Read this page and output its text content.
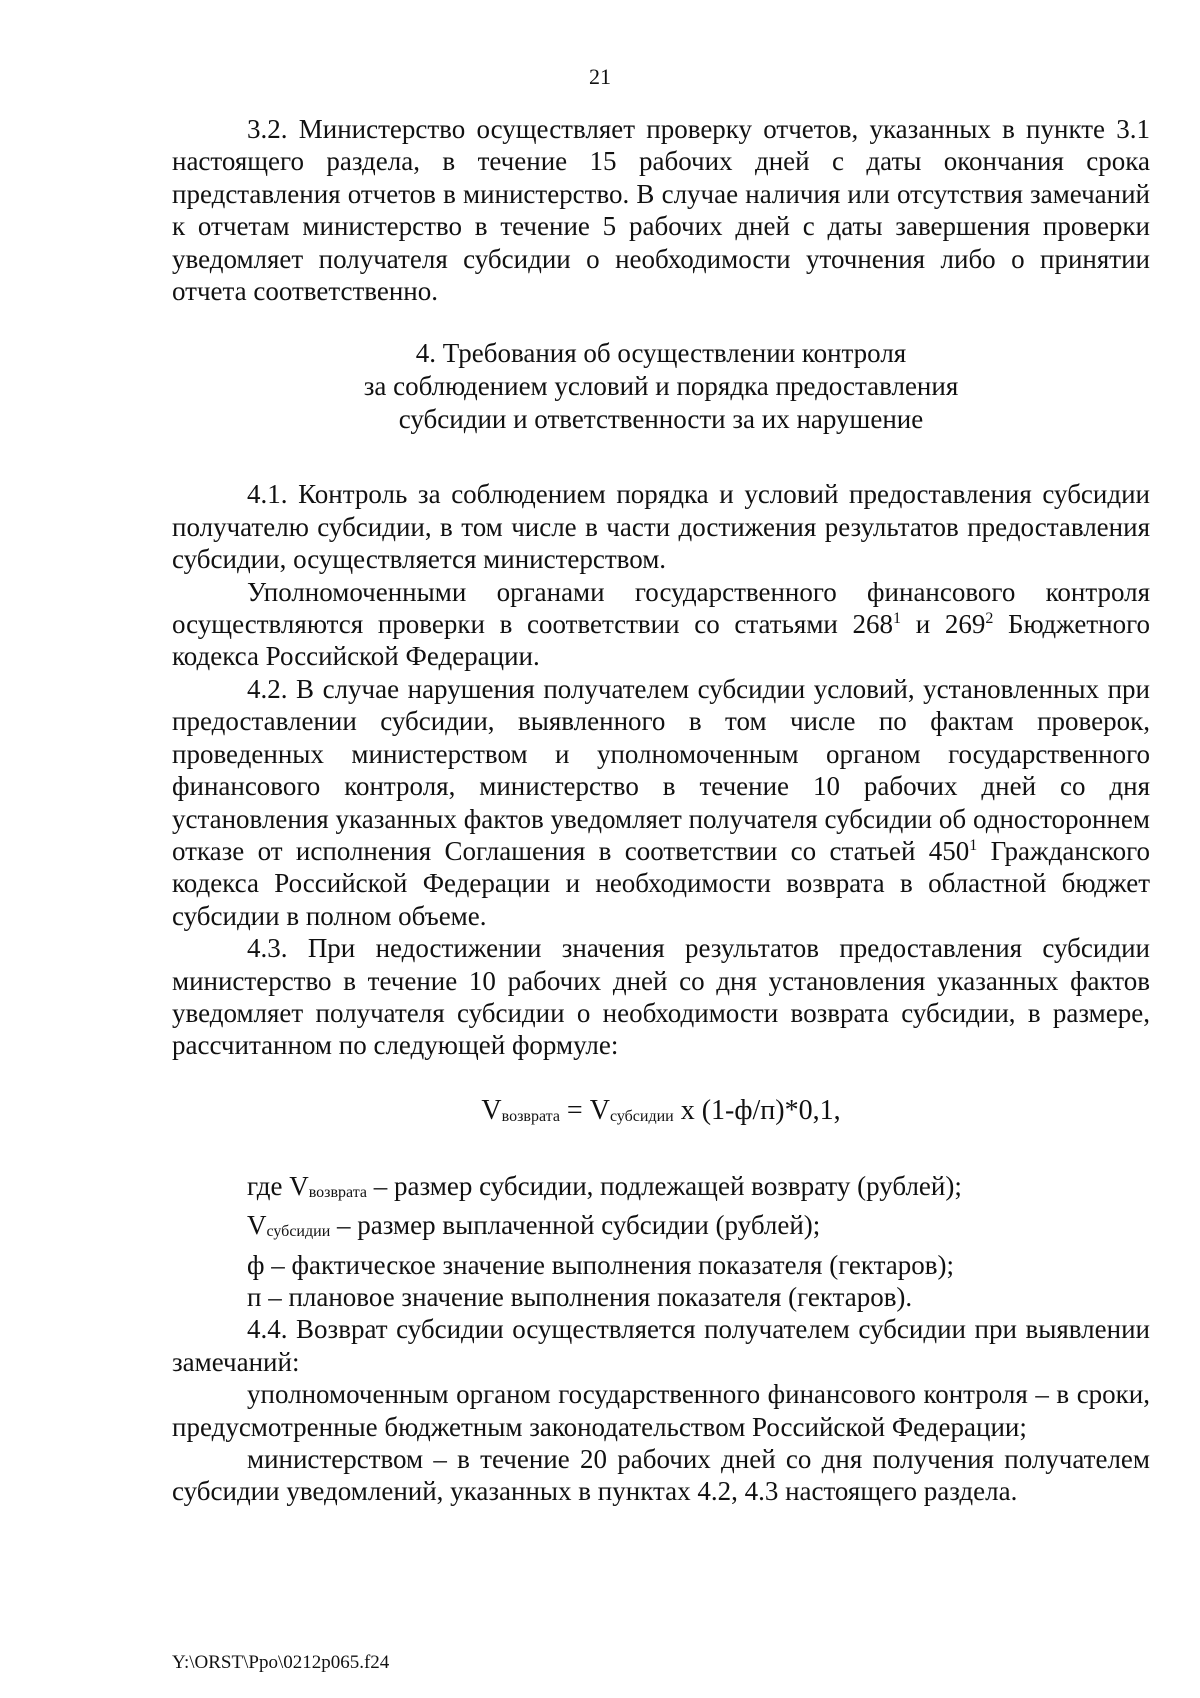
21

3.2. Министерство осуществляет проверку отчетов, указанных в пункте 3.1 настоящего раздела, в течение 15 рабочих дней с даты окончания срока представления отчетов в министерство. В случае наличия или отсутствия замечаний к отчетам министерство в течение 5 рабочих дней с даты завершения проверки уведомляет получателя субсидии о необходимости уточнения либо о принятии отчета соответственно.

4. Требования об осуществлении контроля
за соблюдением условий и порядка предоставления
субсидии и ответственности за их нарушение

4.1. Контроль за соблюдением порядка и условий предоставления субсидии получателю субсидии, в том числе в части достижения результатов предоставления субсидии, осуществляется министерством.

Уполномоченными органами государственного финансового контроля осуществляются проверки в соответствии со статьями $268^1$ и $269^2$ Бюджетного кодекса Российской Федерации.

4.2. В случае нарушения получателем субсидии условий, установленных при предоставлении субсидии, выявленного в том числе по фактам проверок, проведенных министерством и уполномоченным органом государственного финансового контроля, министерство в течение 10 рабочих дней со дня установления указанных фактов уведомляет получателя субсидии об одностороннем отказе от исполнения Соглашения в соответствии со статьей $450^1$ Гражданского кодекса Российской Федерации и необходимости возврата в областной бюджет субсидии в полном объеме.

4.3. При недостижении значения результатов предоставления субсидии министерство в течение 10 рабочих дней со дня установления указанных фактов уведомляет получателя субсидии о необходимости возврата субсидии, в размере, рассчитанном по следующей формуле:

$V_{возврата} = V_{субсидии}$ х (1-ф/п)*0,1,

где $V_{возврата}$ – размер субсидии, подлежащей возврату (рублей);

$V_{субсидии}$ – размер выплаченной субсидии (рублей);

ф – фактическое значение выполнения показателя (гектаров);

п – плановое значение выполнения показателя (гектаров).

4.4. Возврат субсидии осуществляется получателем субсидии при выявлении замечаний:

уполномоченным органом государственного финансового контроля – в сроки, предусмотренные бюджетным законодательством Российской Федерации;

министерством – в течение 20 рабочих дней со дня получения получателем субсидии уведомлений, указанных в пунктах 4.2, 4.3 настоящего раздела.

Y:\ORST\Ppo\0212p065.f24
